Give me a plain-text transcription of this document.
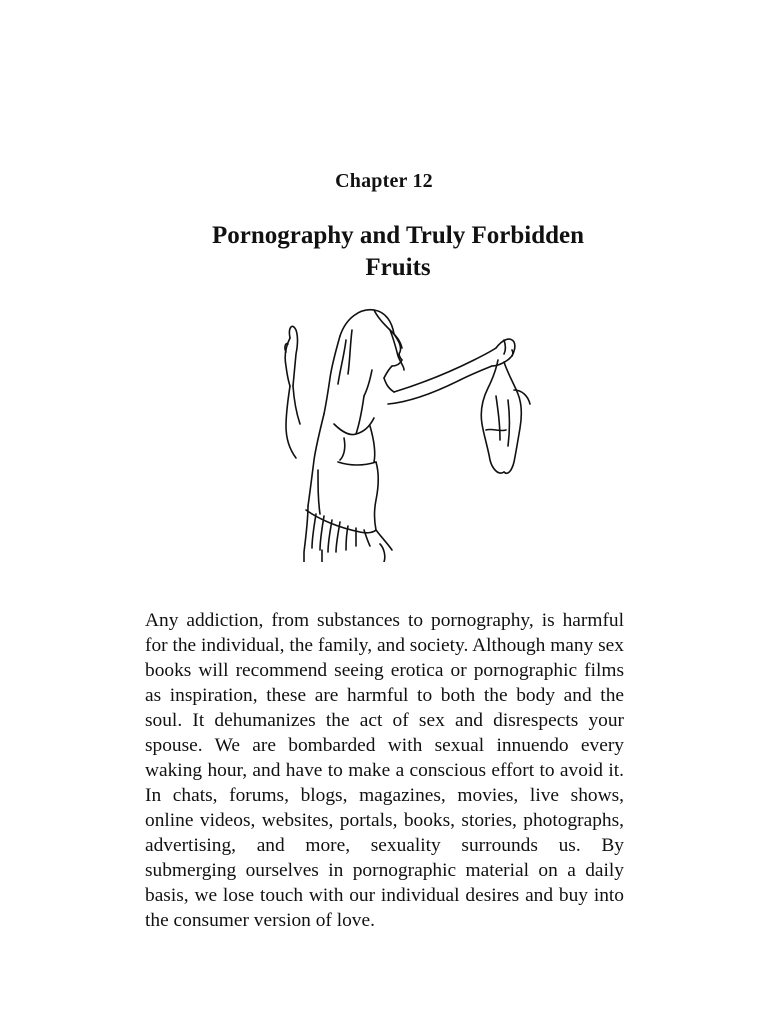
Chapter 12
Pornography and Truly Forbidden Fruits

Any addiction, from substances to pornography, is harmful for the individual, the family, and society. Although many sex books will recommend seeing erotica or pornographic films as inspiration, these are harmful to both the body and the soul. It dehumanizes the act of sex and disrespects your spouse. We are bombarded with sexual innuendo every waking hour, and have to make a conscious effort to avoid it. In chats, forums, blogs, magazines, movies, live shows, online videos, websites, portals, books, stories, photographs, advertising, and more, sexuality surrounds us. By submerging ourselves in pornographic material on a daily basis, we lose touch with our individual desires and buy into the consumer version of love.
